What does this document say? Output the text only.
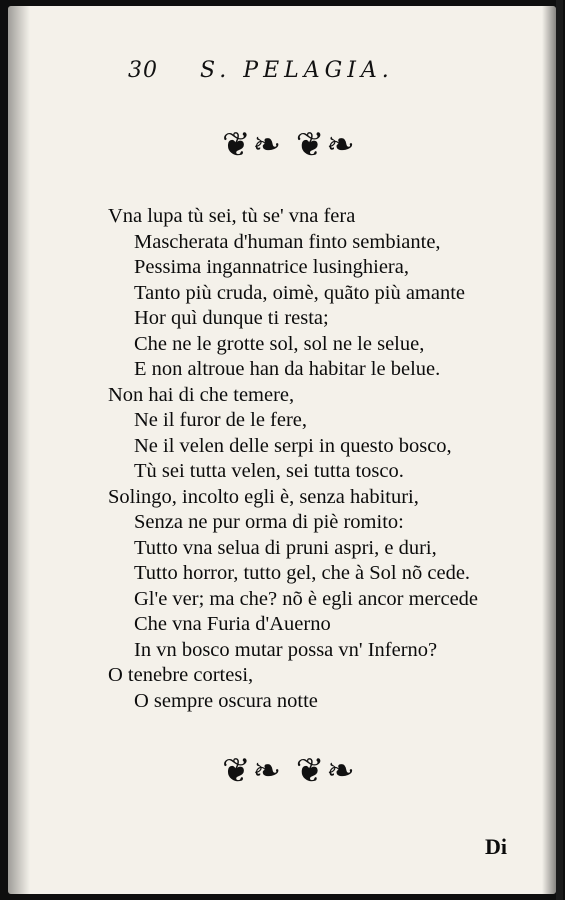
30 S. PELAGIA.
❦❧ ❦❧
Vna lupa tù sei, tù se' vna fera
Mascherata d'human finto sembiante,
Pessima ingannatrice lusinghiera,
Tanto più cruda, oimè, quãto più amante
Hor quì dunque ti resta;
Che ne le grotte sol, sol ne le selue,
E non altroue han da habitar le belue.
Non hai di che temere,
Ne il furor de le fere,
Ne il velen delle serpi in questo bosco,
Tù sei tutta velen, sei tutta tosco.
Solingo, incolto egli è, senza habituri,
Senza ne pur orma di piè romito:
Tutto vna selua di pruni aspri, e duri,
Tutto horror, tutto gel, che à Sol nõ cede.
Gl'e ver; ma che? nõ è egli ancor mercede
Che vna Furia d'Auerno
In vn bosco mutar possa vn' Inferno?
O tenebre cortesi,
O sempre oscura notte
❦❧ ❦❧
Di
